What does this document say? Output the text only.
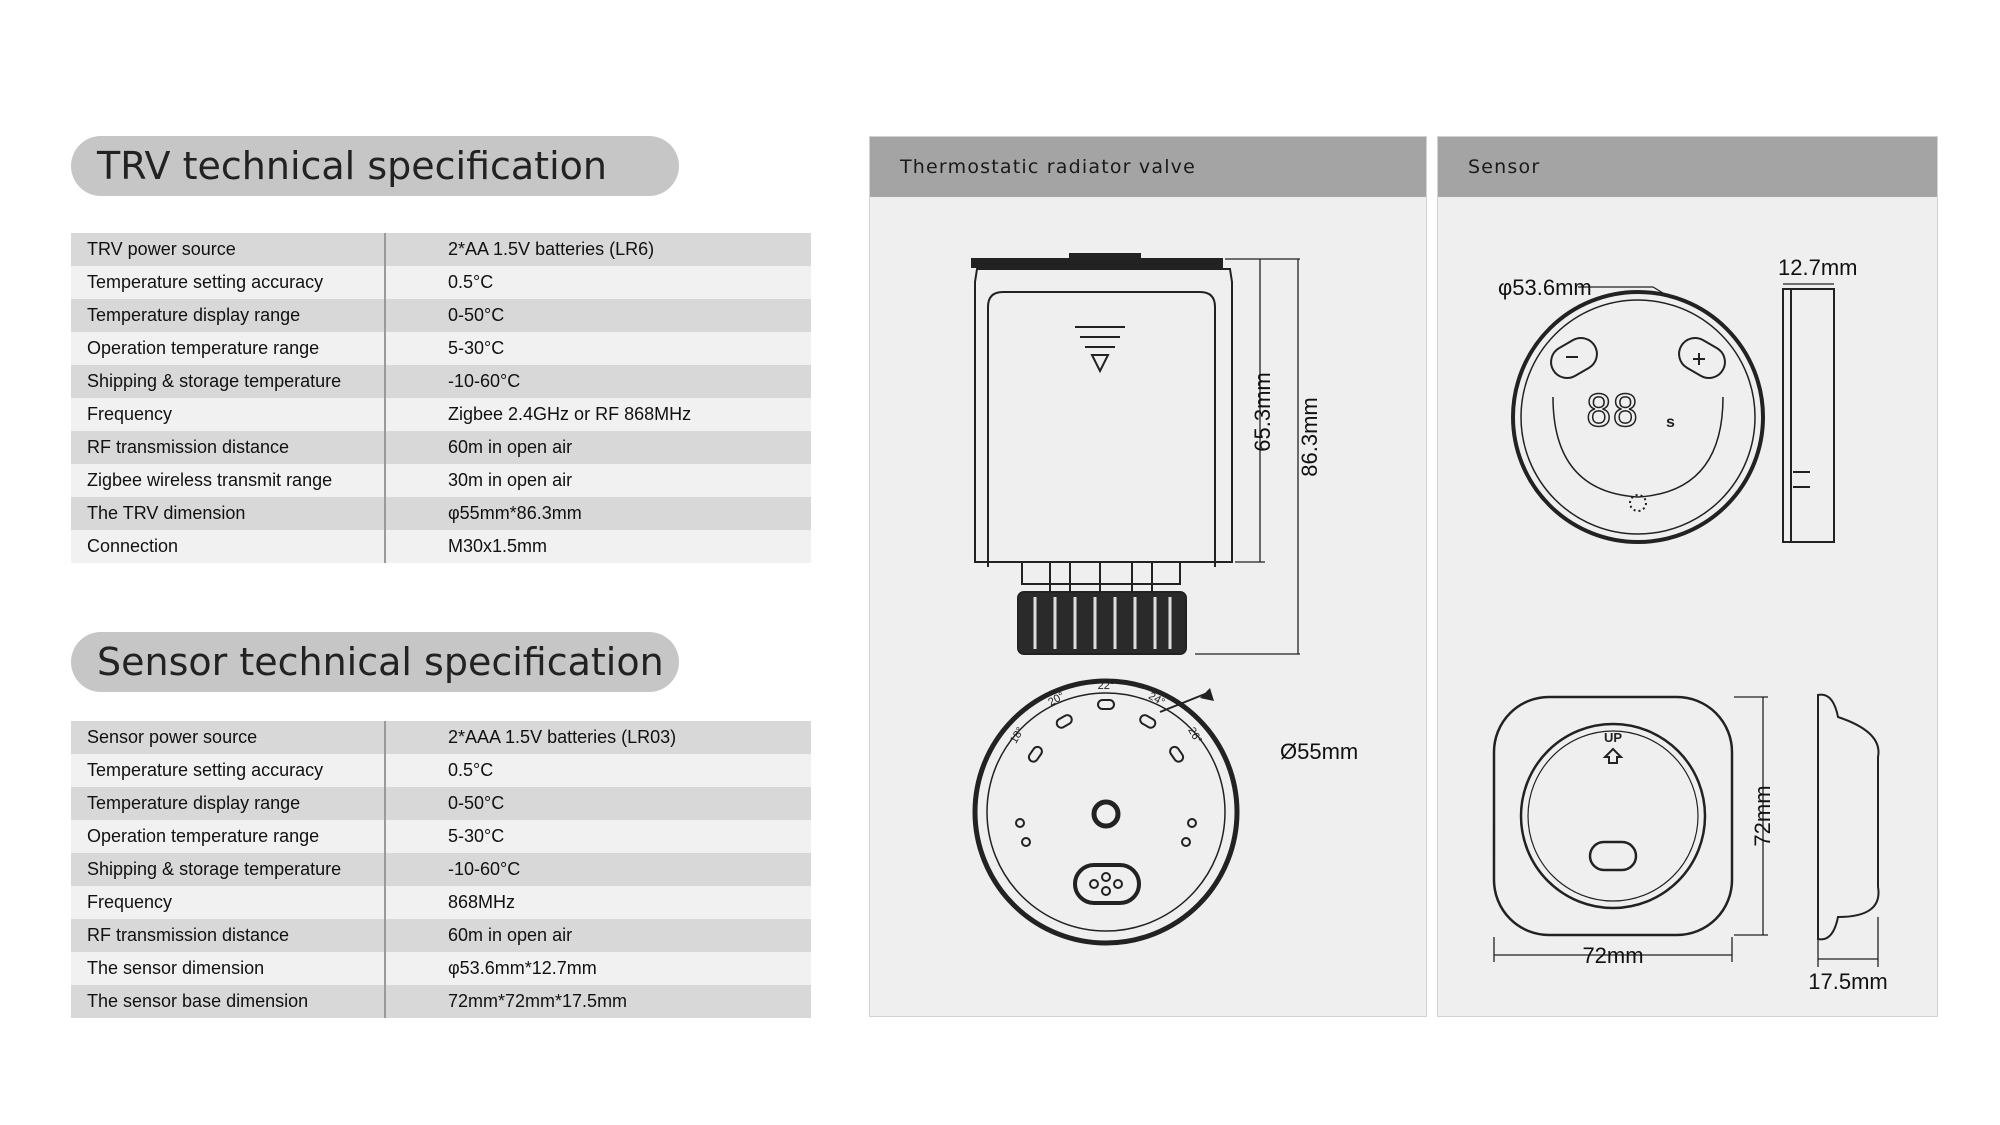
TRV technical specification
TRV power source	2*AA 1.5V batteries (LR6)
Temperature setting accuracy	0.5°C
Temperature display range	0-50°C
Operation temperature range	5-30°C
Shipping & storage temperature	-10-60°C
Frequency	Zigbee 2.4GHz or RF 868MHz
RF transmission distance	60m in open air
Zigbee wireless transmit range	30m in open air
The TRV dimension	φ55mm*86.3mm
Connection	M30x1.5mm
Sensor technical specification
Sensor power source	2*AAA 1.5V batteries (LR03)
Temperature setting accuracy	0.5°C
Temperature display range	0-50°C
Operation temperature range	5-30°C
Shipping & storage temperature	-10-60°C
Frequency	868MHz
RF transmission distance	60m in open air
The sensor dimension	φ53.6mm*12.7mm
The sensor base dimension	72mm*72mm*17.5mm
Thermostatic radiator valve
65.3mm 86.3mm
22°
20°	24°
18°	26°
Ø55mm
Sensor
88 s
φ53.6mm
12.7mm
UP
72mm
72mm
17.5mm
